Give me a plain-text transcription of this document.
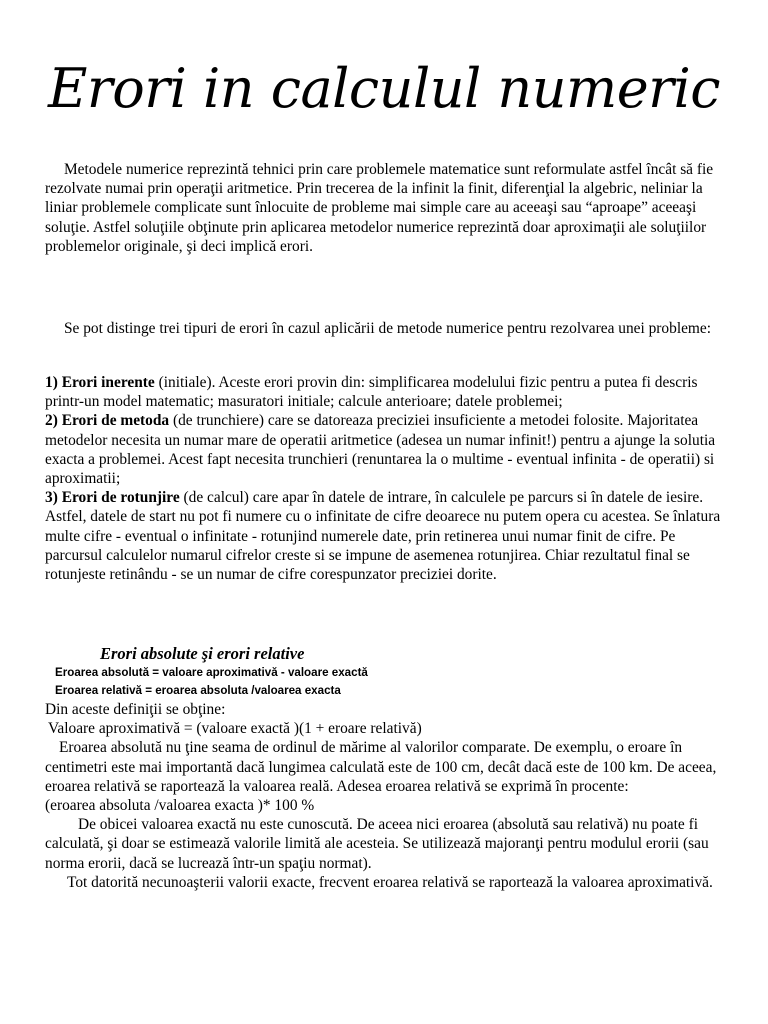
Erori in calculul numeric

Metodele numerice reprezintă tehnici prin care problemele matematice sunt reformulate astfel încât să fie rezolvate numai prin operaţii aritmetice. Prin trecerea de la infinit la finit, diferenţial la algebric, neliniar la liniar problemele complicate sunt înlocuite de probleme mai simple care au aceeaşi sau “aproape” aceeaşi soluţie. Astfel soluţiile obţinute prin aplicarea metodelor numerice reprezintă doar aproximaţii ale soluţiilor problemelor originale, şi deci implică erori.

Se pot distinge trei tipuri de erori în cazul aplicării de metode numerice pentru rezolvarea unei probleme:

1) Erori inerente (initiale). Aceste erori provin din: simplificarea modelului fizic pentru a putea fi descris printr-un model matematic; masuratori initiale; calcule anterioare; datele problemei;

2) Erori de metoda (de trunchiere) care se datoreaza preciziei insuficiente a metodei folosite. Majoritatea metodelor necesita un numar mare de operatii aritmetice (adesea un numar infinit!) pentru a ajunge la solutia exacta a problemei. Acest fapt necesita trunchieri (renuntarea la o multime - eventual infinita - de operatii) si aproximatii;

3) Erori de rotunjire (de calcul) care apar în datele de intrare, în calculele pe parcurs si în datele de iesire. Astfel, datele de start nu pot fi numere cu o infinitate de cifre deoarece nu putem opera cu acestea. Se înlatura multe cifre - eventual o infinitate - rotunjind numerele date, prin retinerea unui numar finit de cifre. Pe parcursul calculelor numarul cifrelor creste si se impune de asemenea rotunjirea. Chiar rezultatul final se rotunjeste retinându - se un numar de cifre corespunzator preciziei dorite.

Erori absolute şi erori relative
Eroarea absolută = valoare aproximativă - valoare exactă
Eroarea relativă = eroarea absoluta /valoarea exacta

Din aceste definiţii se obţine:

Valoare aproximativă = (valoare exactă )(1 + eroare relativă)

Eroarea absolută nu ţine seama de ordinul de mărime al valorilor comparate. De exemplu, o eroare în centimetri este mai importantă dacă lungimea calculată este de 100 cm, decât dacă este de 100 km. De aceea, eroarea relativă se raportează la valoarea reală. Adesea eroarea relativă se exprimă în procente:

(eroarea absoluta /valoarea exacta )* 100 %

De obicei valoarea exactă nu este cunoscută. De aceea nici eroarea (absolută sau relativă) nu poate fi calculată, şi doar se estimează valorile limită ale acesteia. Se utilizează majoranţi pentru modulul erorii (sau norma erorii, dacă se lucrează într-un spaţiu normat).

Tot datorită necunoaşterii valorii exacte, frecvent eroarea relativă se raportează la valoarea aproximativă.
